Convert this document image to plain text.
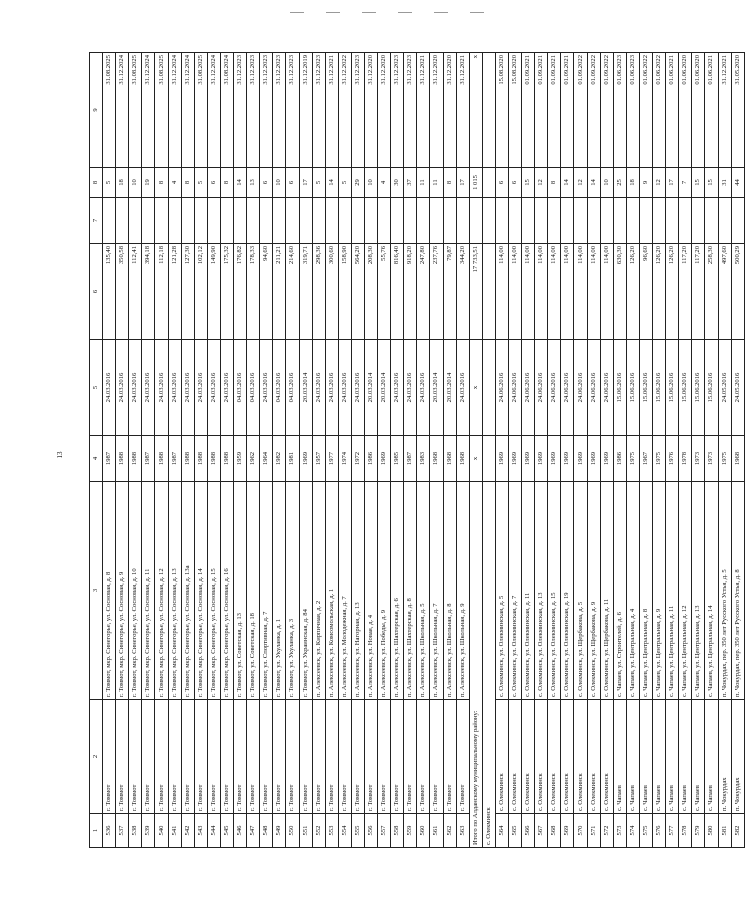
13
1	2	3	4	5	6	7	8	9
536	г. Томмот	г. Томмот, мкр. Синегорье, ул. Сосновая, д. 8	1987	24.03.2016	135,40		5	31.08.2025
537	г. Томмот	г. Томмот, мкр. Синегорье, ул. Сосновая, д. 9	1988	24.03.2016	350,58		18	31.12.2024
538	г. Томмот	г. Томмот, мкр. Синегорье, ул. Сосновая, д. 10	1988	24.03.2016	112,41		10	31.08.2025
539	г. Томмот	г. Томмот, мкр. Синегорье, ул. Сосновая, д. 11	1987	24.03.2016	394,18		19	31.12.2024
540	г. Томмот	г. Томмот, мкр. Синегорье, ул. Сосновая, д. 12	1988	24.03.2016	112,18		8	31.08.2025
541	г. Томмот	г. Томмот, мкр. Синегорье, ул. Сосновая, д. 13	1987	24.03.2016	121,28		4	31.12.2024
542	г. Томмот	г. Томмот, мкр. Синегорье, ул. Сосновая, д. 13а	1988	24.03.2016	127,30		8	31.12.2024
543	г. Томмот	г. Томмот, мкр. Синегорье, ул. Сосновая, д. 14	1988	24.03.2016	102,12		5	31.08.2025
544	г. Томмот	г. Томмот, мкр. Синегорье, ул. Сосновая, д. 15	1988	24.03.2016	149,90		6	31.12.2024
545	г. Томмот	г. Томмот, мкр. Синегорье, ул. Сосновая, д. 16	1988	24.03.2016	175,32		8	31.08.2024
546	г. Томмот	г. Томмот, ул. Советская, д. 13	1959	04.03.2016	176,82		14	31.12.2023
547	г. Томмот	г. Томмот, ул. Советская, д. 18	1962	04.03.2016	178,33		13	31.12.2023
548	г. Томмот	г. Томмот, ул. Спортивная, д. 7	1964	24.03.2016	94,60		6	31.12.2023
549	г. Томмот	г. Томмот, ул. Укуланка, д. 1	1982	04.03.2016	211,21		10	31.12.2023
550	г. Томмот	г. Томмот, ул. Укуланка, д. 3	1981	04.03.2016	214,60		6	31.12.2023
551	г. Томмот	г. Томмот, ул. Украинская, д. 84	1969	20.03.2014	319,71		17	31.12.2019
552	г. Томмот	п. Алексеевск, ул. Кирпичная, д. 2	1957	24.03.2016	298,36		5	31.12.2023
553	г. Томмот	п. Алексеевск, ул. Комсомольская, д. 1	1977	24.03.2016	300,60		14	31.12.2021
554	г. Томмот	п. Алексеевск, ул. Молодежная, д. 7	1974	24.03.2016	158,90		5	31.12.2022
555	г. Томмот	п. Алексеевск, ул. Нагорная, д. 13	1972	24.03.2016	564,20		29	31.12.2023
556	г. Томмот	п. Алексеевск, ул. Новая, д. 4	1986	20.03.2014	208,30		10	31.12.2020
557	г. Томмот	п. Алексеевск, ул. Победы, д. 9	1969	20.03.2014	55,76		4	31.12.2020
558	г. Томмот	п. Алексеевск, ул. Шахтерская, д. 6	1985	24.03.2016	816,40		30	31.12.2023
559	г. Томмот	п. Алексеевск, ул. Шахтерская, д. 8	1987	24.03.2016	918,20		37	31.12.2023
560	г. Томмот	п. Алексеевск, ул. Школьная, д. 5	1983	24.03.2016	247,80		11	31.12.2021
561	г. Томмот	п. Алексеевск, ул. Школьная, д. 7	1968	20.03.2014	237,76		11	31.12.2020
562	г. Томмот	п. Алексеевск, ул. Школьная, д. 8	1968	20.03.2014	79,87		8	31.12.2020
563	г. Томмот	п. Алексеевск, ул. Школьная, д. 9	1968	24.03.2016	344,20		17	31.12.2021
Итого по Алданскому муниципальному району:			x	x	17 733,51		1 015	x
с. Олекминск								
564	с. Олекминск	с. Олекминск, ул. Олекминская, д. 5	1969	24.06.2016	114,00		6	15.08.2020
565	с. Олекминск	с. Олекминск, ул. Олекминская, д. 7	1969	24.06.2016	114,00		6	15.08.2020
566	с. Олекминск	с. Олекминск, ул. Олекминская, д. 11	1969	24.06.2016	114,00		15	01.09.2021
567	с. Олекминск	с. Олекминск, ул. Олекминская, д. 13	1969	24.06.2016	114,00		12	01.09.2021
568	с. Олекминск	с. Олекминск, ул. Олекминская, д. 15	1969	24.06.2016	114,00		8	01.09.2021
569	с. Олекминск	с. Олекминск, ул. Олекминская, д. 19	1969	24.06.2016	114,00		14	01.09.2021
570	с. Олекминск	с. Олекминск, ул. Щербакова, д. 5	1969	24.06.2016	114,00		12	01.09.2022
571	с. Олекминск	с. Олекминск, ул. Щербакова, д. 9	1969	24.06.2016	114,00		14	01.09.2022
572	с. Олекминск	с. Олекминск, ул. Щербакова, д. 11	1969	24.06.2016	114,00		10	01.09.2022
573	с. Чапаев	с. Чапаев, ул. Строителей, д. 6	1986	15.06.2016	630,30		25	01.06.2023
574	с. Чапаев	с. Чапаев, ул. Центральная, д. 4	1975	15.06.2016	126,20		18	01.06.2023
575	с. Чапаев	с. Чапаев, ул. Центральная, д. 8	1967	15.06.2016	96,60		9	01.06.2022
576	с. Чапаев	с. Чапаев, ул. Центральная, д. 9	1975	15.06.2016	126,20		12	01.06.2022
577	с. Чапаев	с. Чапаев, ул. Центральная, д. 11	1976	15.06.2016	126,20		17	01.06.2021
578	с. Чапаев	с. Чапаев, ул. Центральная, д. 12	1978	15.06.2016	117,20		7	01.06.2020
579	с. Чапаев	с. Чапаев, ул. Центральная, д. 13	1973	15.06.2016	117,20		15	01.06.2020
580	с. Чапаев	с. Чапаев, ул. Центральная, д. 14	1973	15.06.2016	258,30		15	01.06.2021
581	п. Чокурдах	п. Чокурдах, пер. 350 лет Русского Устья, д. 5	1975	24.05.2016	497,60		31	31.12.2021
582	п. Чокурдах	п. Чокурдах, пер. 350 лет Русского Устья, д. 8	1968	24.05.2016	500,29		44	31.05.2020
